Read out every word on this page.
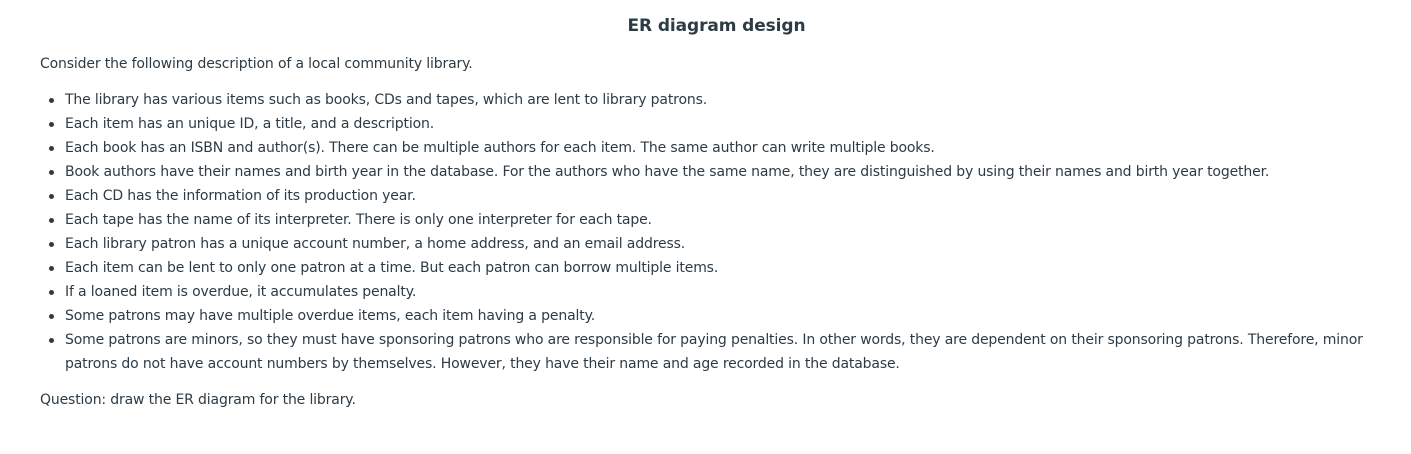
ER diagram design

Consider the following description of a local community library.

The library has various items such as books, CDs and tapes, which are lent to library patrons.
Each item has an unique ID, a title, and a description.
Each book has an ISBN and author(s). There can be multiple authors for each item. The same author can write multiple books.
Book authors have their names and birth year in the database. For the authors who have the same name, they are distinguished by using their names and birth year together.
Each CD has the information of its production year.
Each tape has the name of its interpreter. There is only one interpreter for each tape.
Each library patron has a unique account number, a home address, and an email address.
Each item can be lent to only one patron at a time. But each patron can borrow multiple items.
If a loaned item is overdue, it accumulates penalty.
Some patrons may have multiple overdue items, each item having a penalty.
Some patrons are minors, so they must have sponsoring patrons who are responsible for paying penalties. In other words, they are dependent on their sponsoring patrons. Therefore, minor patrons do not have account numbers by themselves. However, they have their name and age recorded in the database.

Question: draw the ER diagram for the library.
